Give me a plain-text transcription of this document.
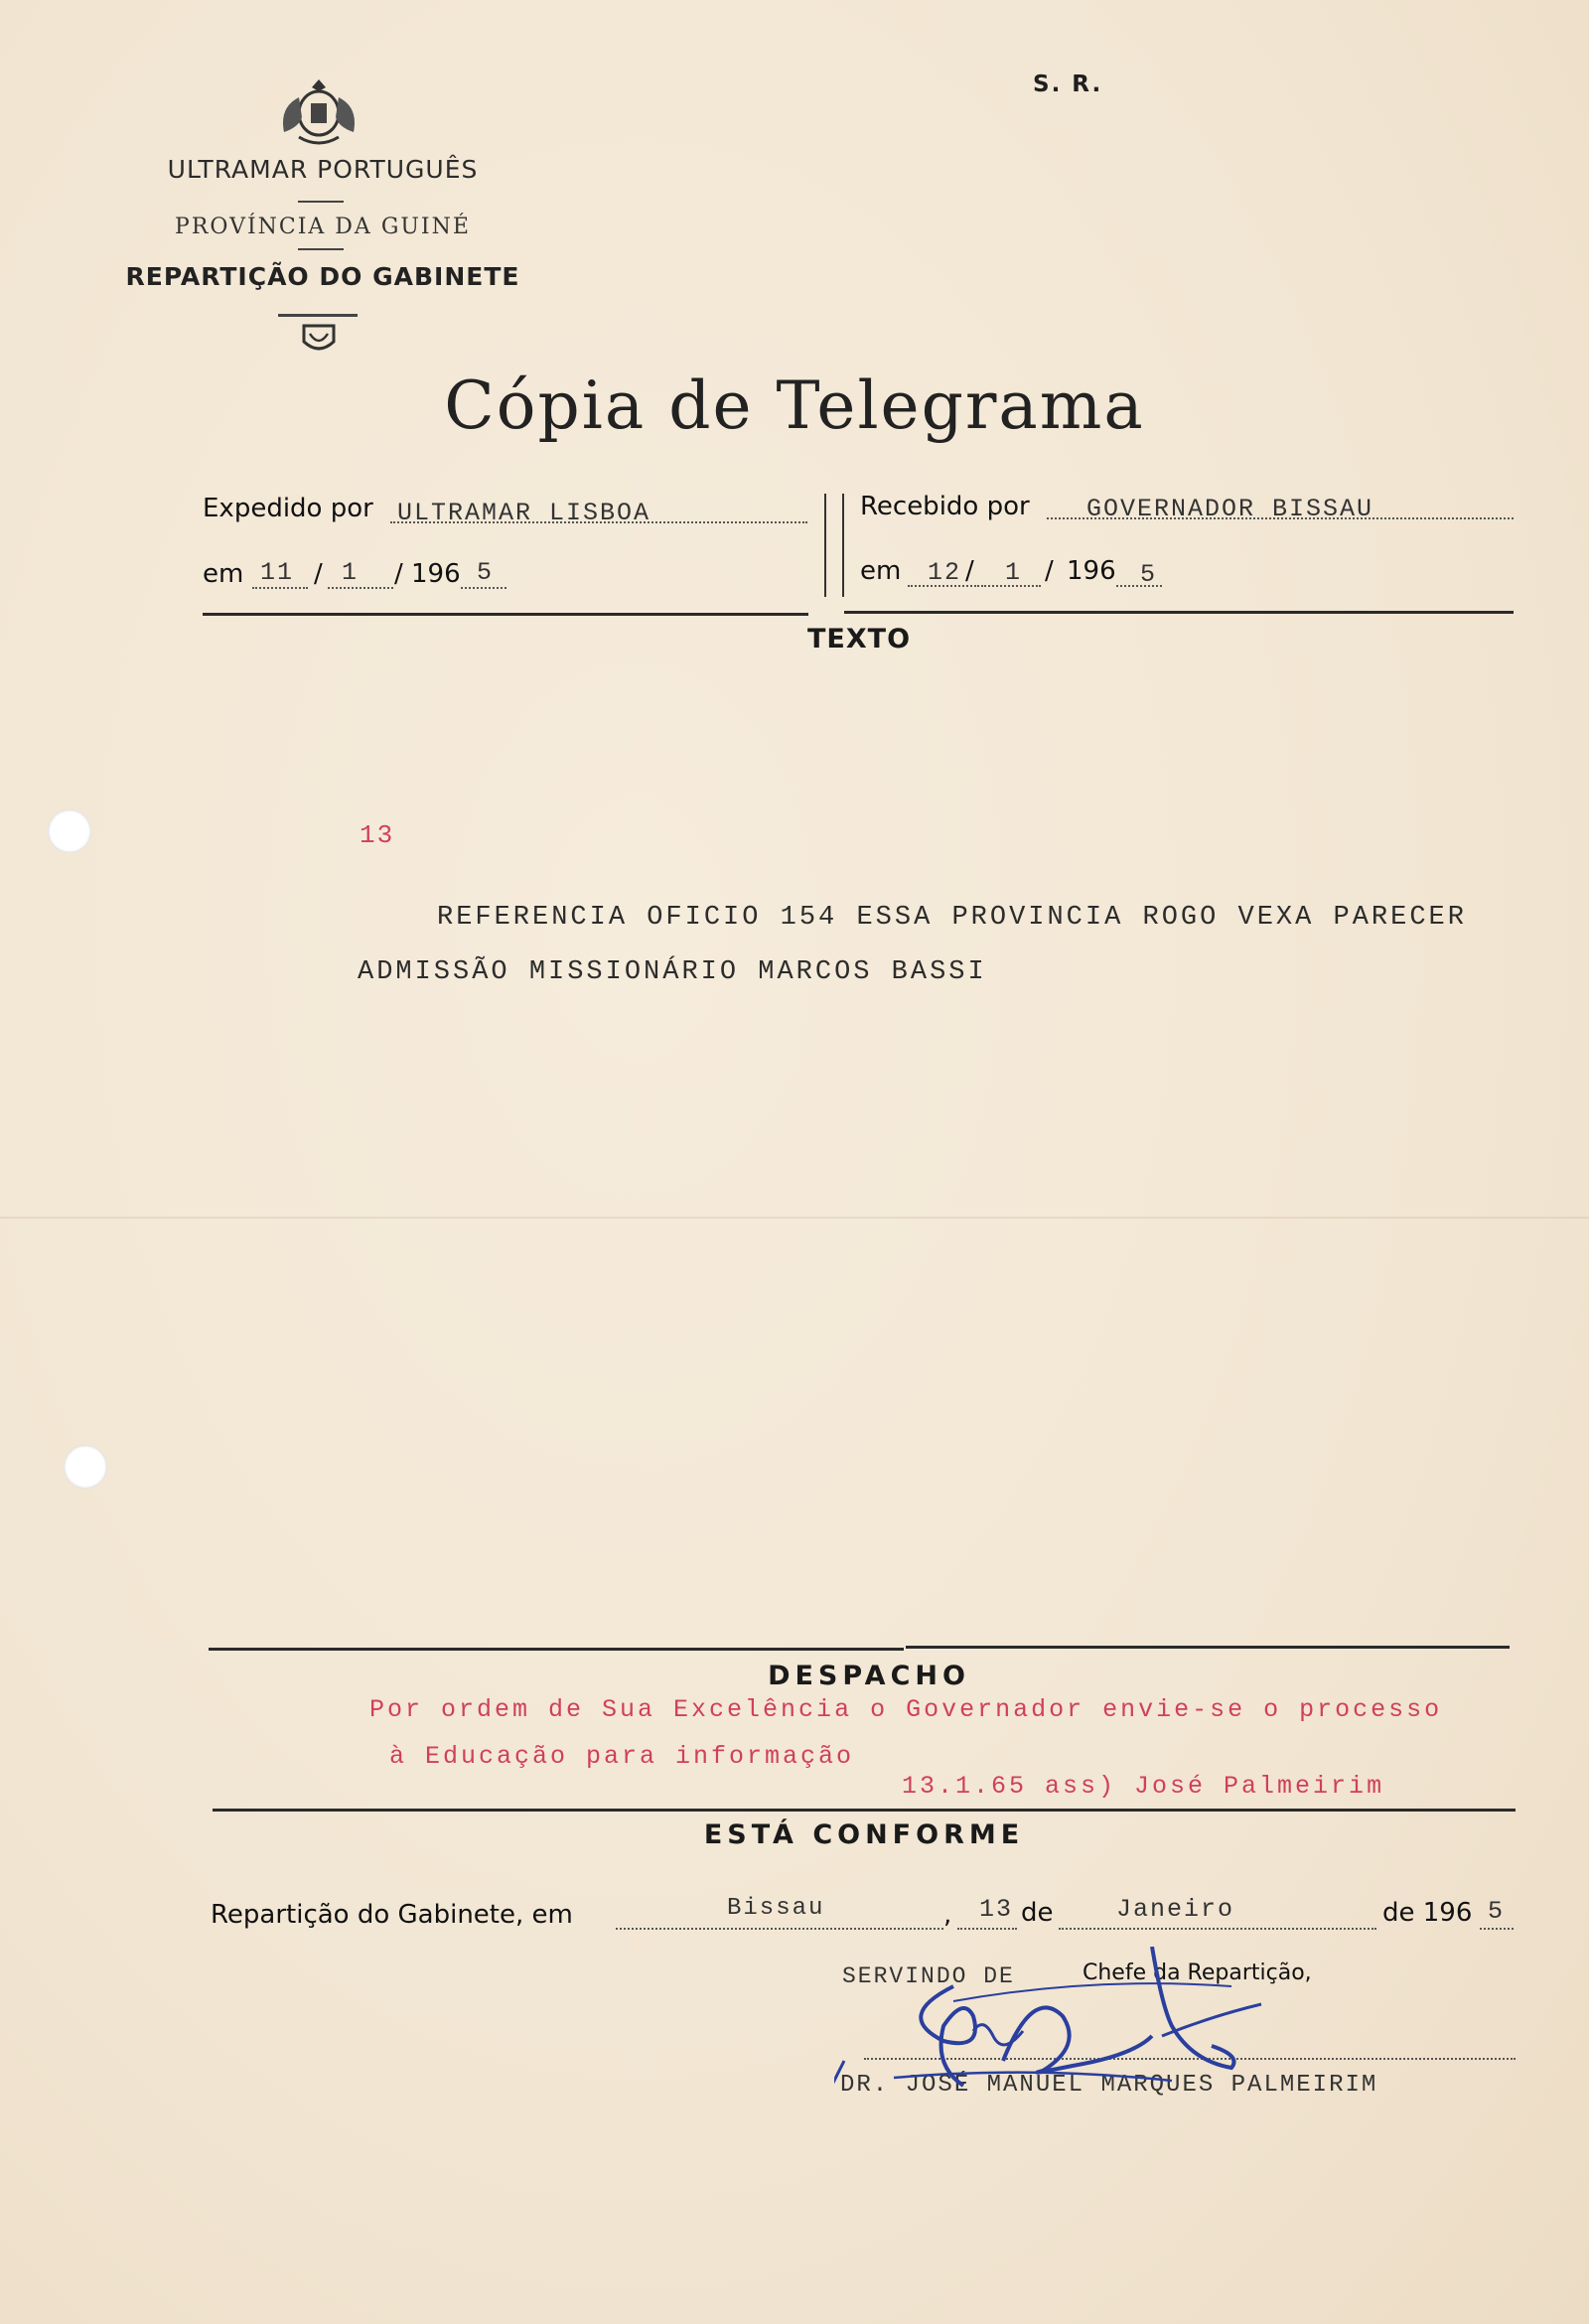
ULTRAMAR PORTUGUÊS
PROVÍNCIA DA GUINÉ
REPARTIÇÃO DO GABINETE
S. R.
Cópia de Telegrama
Expedido por ULTRAMAR LISBOA
em 11 / 1 / 196 5
Recebido por GOVERNADOR BISSAU
em 12 / 1 / 196 5
TEXTO
13
REFERENCIA OFICIO 154 ESSA PROVINCIA ROGO VEXA PARECER
ADMISSÃO MISSIONÁRIO MARCOS BASSI
DESPACHO
Por ordem de Sua Excelência o Governador envie-se o processo
à Educação para informação
13.1.65 ass) José Palmeirim
ESTÁ CONFORME
Repartição do Gabinete, em	Bissau	, 13 de	Janeiro	de 196 5
SERVINDO DE	Chefe da Repartição,
DR. JOSÉ MANUEL MARQUES PALMEIRIM
